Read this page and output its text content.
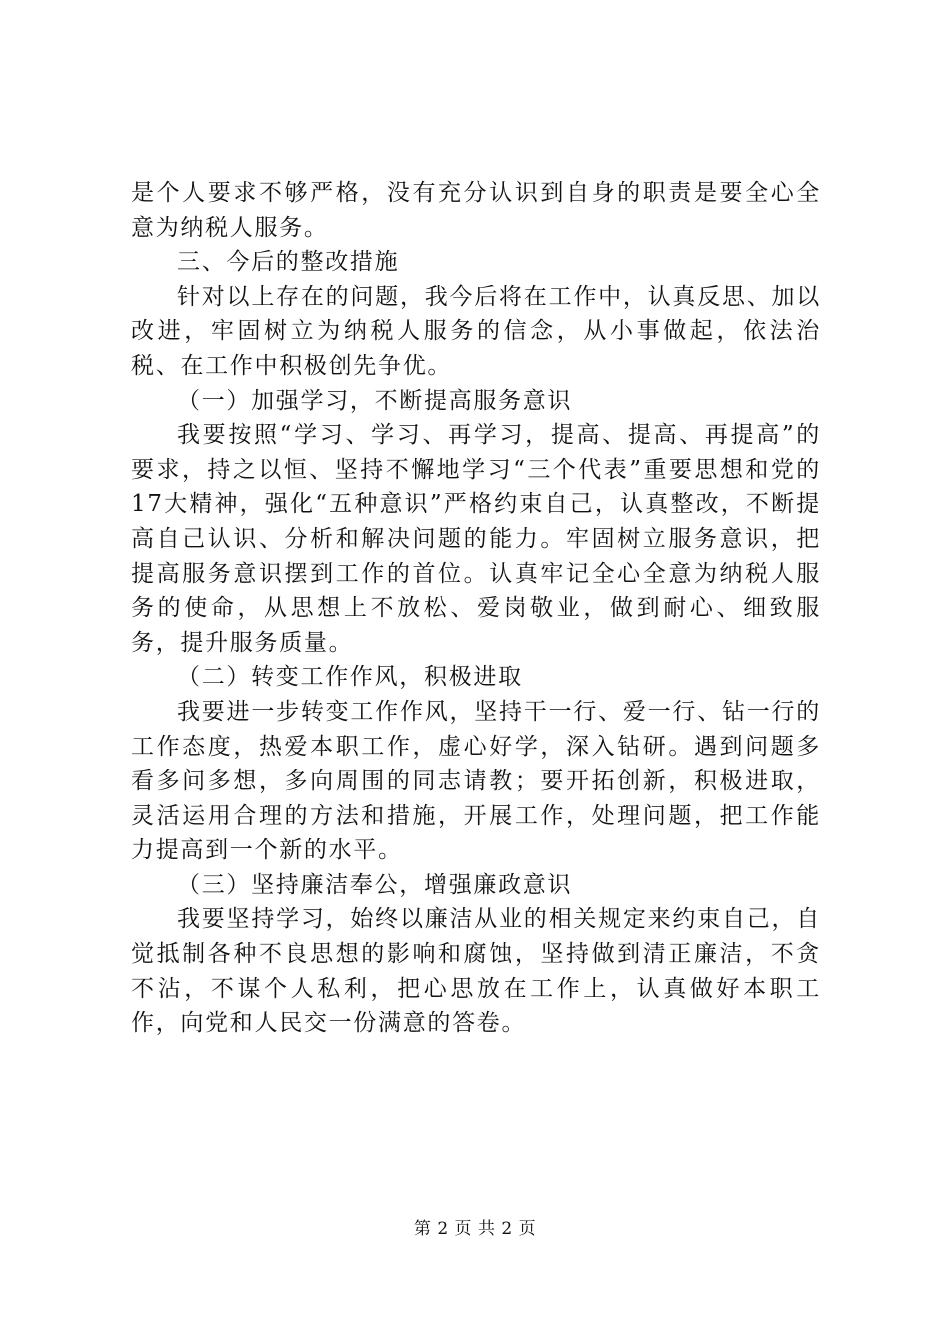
是个人要求不够严格，没有充分认识到自身的职责是要全心全意为纳税人服务。

三、今后的整改措施

针对以上存在的问题，我今后将在工作中，认真反思、加以改进，牢固树立为纳税人服务的信念，从小事做起，依法治税、在工作中积极创先争优。

（一）加强学习，不断提高服务意识

我要按照“学习、学习、再学习，提高、提高、再提高”的要求，持之以恒、坚持不懈地学习“三个代表”重要思想和党的17大精神，强化“五种意识”严格约束自己，认真整改，不断提高自己认识、分析和解决问题的能力。牢固树立服务意识，把提高服务意识摆到工作的首位。认真牢记全心全意为纳税人服务的使命，从思想上不放松、爱岗敬业，做到耐心、细致服务，提升服务质量。

（二）转变工作作风，积极进取

我要进一步转变工作作风，坚持干一行、爱一行、钻一行的工作态度，热爱本职工作，虚心好学，深入钻研。遇到问题多看多问多想，多向周围的同志请教；要开拓创新，积极进取，灵活运用合理的方法和措施，开展工作，处理问题，把工作能力提高到一个新的水平。

（三）坚持廉洁奉公，增强廉政意识

我要坚持学习，始终以廉洁从业的相关规定来约束自己，自觉抵制各种不良思想的影响和腐蚀，坚持做到清正廉洁，不贪不沾，不谋个人私利，把心思放在工作上，认真做好本职工作，向党和人民交一份满意的答卷。

第 2 页 共 2 页
